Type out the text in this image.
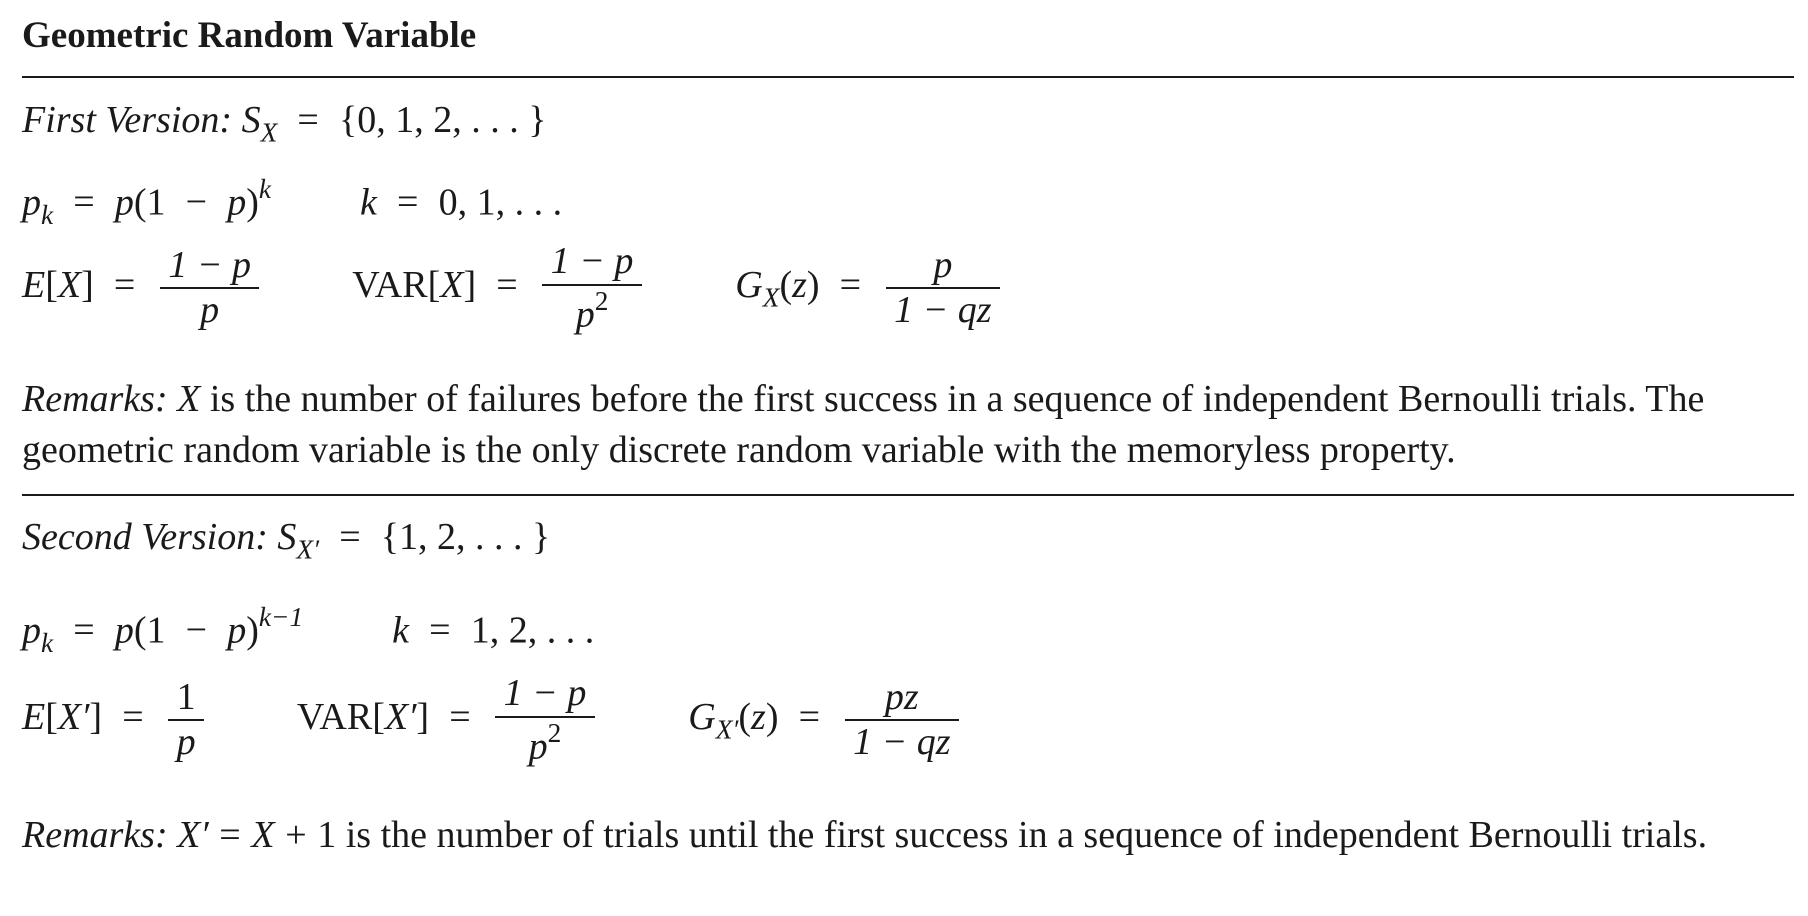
Geometric Random Variable
First Version: $S_X = \{0$, 1, 2, . . . }
$p_k = p(1 - p)^k$ k = 0, 1, . . .
$E[X] = \frac{1 - p}{p} VAR[X] = \frac{1 - p}{p^2} G_X(z) = \frac{p}{1 - qz}$
Remarks: X is the number of failures before the first success in a sequence of independent Bernoulli trials. The geometric random variable is the only discrete random variable with the memoryless property.
Second Version: $S_{X'} = \{1$, 2, . . . }
$p_k = p(1 - p)^{k-1}$ k = 1, 2, . . .
$E[X'] = \frac{1}{p} VAR[X'] = \frac{1 - p}{p^2} G_{X'}(z) = \frac{pz}{1 - qz}$
Remarks: X′ = X + 1 is the number of trials until the first success in a sequence of independent Bernoulli trials.
